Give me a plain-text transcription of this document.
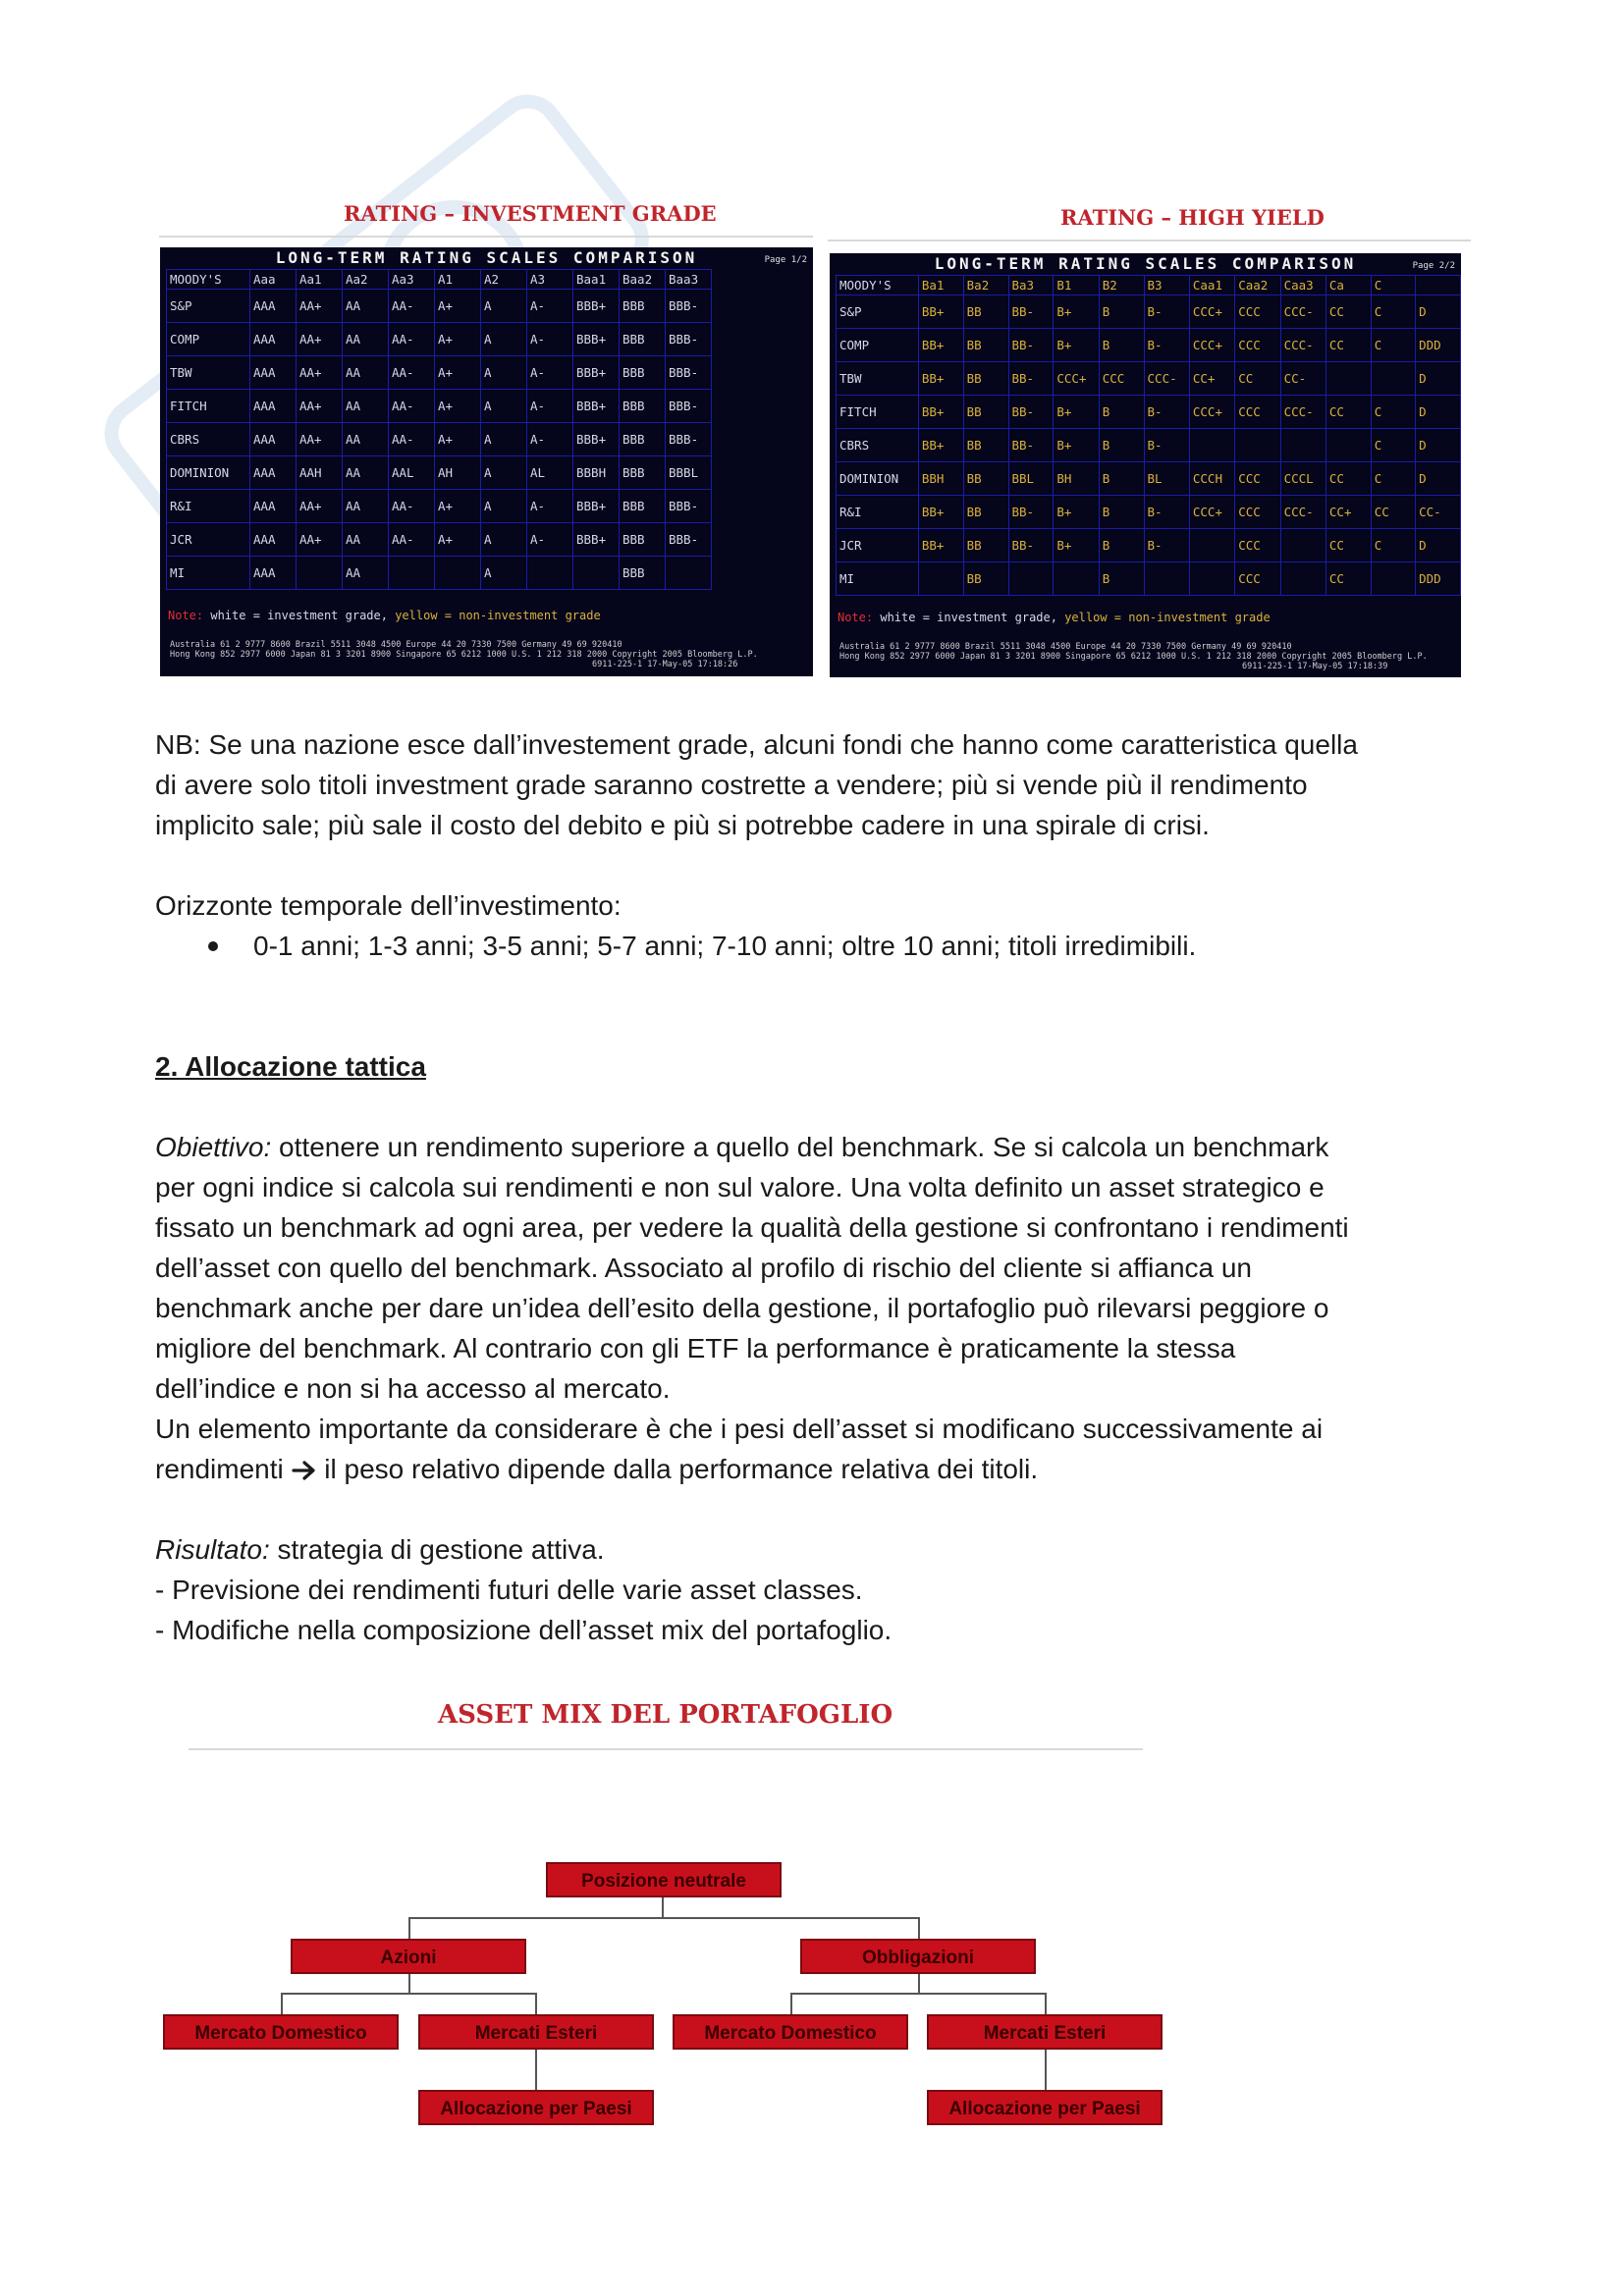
RATING – INVESTMENT GRADE
LONG-TERM RATING SCALES COMPARISON	Page 1/2
MOODY'S	Aaa	Aa1	Aa2	Aa3	A1	A2	A3	Baa1	Baa2	Baa3
S&P	AAA	AA+	AA	AA-	A+	A	A-	BBB+	BBB	BBB-
COMP	AAA	AA+	AA	AA-	A+	A	A-	BBB+	BBB	BBB-
TBW	AAA	AA+	AA	AA-	A+	A	A-	BBB+	BBB	BBB-
FITCH	AAA	AA+	AA	AA-	A+	A	A-	BBB+	BBB	BBB-
CBRS	AAA	AA+	AA	AA-	A+	A	A-	BBB+	BBB	BBB-
DOMINION	AAA	AAH	AA	AAL	AH	A	AL	BBBH	BBB	BBBL
R&I	AAA	AA+	AA	AA-	A+	A	A-	BBB+	BBB	BBB-
JCR	AAA	AA+	AA	AA-	A+	A	A-	BBB+	BBB	BBB-
MI	AAA		AA			A			BBB	
Note: white = investment grade, yellow = non-investment grade
Australia 61 2 9777 8600 Brazil 5511 3048 4500 Europe 44 20 7330 7500 Germany 49 69 920410
Hong Kong 852 2977 6000 Japan 81 3 3201 8900 Singapore 65 6212 1000 U.S. 1 212 318 2000 Copyright 2005 Bloomberg L.P.
6911-225-1 17-May-05 17:18:26
RATING – HIGH YIELD
LONG-TERM RATING SCALES COMPARISON	Page 2/2
MOODY'S	Ba1	Ba2	Ba3	B1	B2	B3	Caa1	Caa2	Caa3	Ca	C	
S&P	BB+	BB	BB-	B+	B	B-	CCC+	CCC	CCC-	CC	C	D
COMP	BB+	BB	BB-	B+	B	B-	CCC+	CCC	CCC-	CC	C	DDD
TBW	BB+	BB	BB-	CCC+	CCC	CCC-	CC+	CC	CC-			D
FITCH	BB+	BB	BB-	B+	B	B-	CCC+	CCC	CCC-	CC	C	D
CBRS	BB+	BB	BB-	B+	B	B-					C	D
DOMINION	BBH	BB	BBL	BH	B	BL	CCCH	CCC	CCCL	CC	C	D
R&I	BB+	BB	BB-	B+	B	B-	CCC+	CCC	CCC-	CC+	CC	CC-
JCR	BB+	BB	BB-	B+	B	B-		CCC		CC	C	D
MI		BB			B			CCC		CC		DDD
Note: white = investment grade, yellow = non-investment grade
Australia 61 2 9777 8600 Brazil 5511 3048 4500 Europe 44 20 7330 7500 Germany 49 69 920410
Hong Kong 852 2977 6000 Japan 81 3 3201 8900 Singapore 65 6212 1000 U.S. 1 212 318 2000 Copyright 2005 Bloomberg L.P.
6911-225-1 17-May-05 17:18:39
NB: Se una nazione esce dall’investement grade, alcuni fondi che hanno come caratteristica quella
di avere solo titoli investment grade saranno costrette a vendere; più si vende più il rendimento
implicito sale; più sale il costo del debito e più si potrebbe cadere in una spirale di crisi.
Orizzonte temporale dell’investimento:
0-1 anni; 1-3 anni; 3-5 anni; 5-7 anni; 7-10 anni; oltre 10 anni; titoli irredimibili.
2. Allocazione tattica
Obiettivo: ottenere un rendimento superiore a quello del benchmark. Se si calcola un benchmark
per ogni indice si calcola sui rendimenti e non sul valore. Una volta definito un asset strategico e
fissato un benchmark ad ogni area, per vedere la qualità della gestione si confrontano i rendimenti
dell’asset con quello del benchmark. Associato al profilo di rischio del cliente si affianca un
benchmark anche per dare un’idea dell’esito della gestione, il portafoglio può rilevarsi peggiore o
migliore del benchmark. Al contrario con gli ETF la performance è praticamente la stessa
dell’indice e non si ha accesso al mercato.
Un elemento importante da considerare è che i pesi dell’asset si modificano successivamente ai
rendimenti  il peso relativo dipende dalla performance relativa dei titoli.
Risultato: strategia di gestione attiva.
- Previsione dei rendimenti futuri delle varie asset classes.
- Modifiche nella composizione dell’asset mix del portafoglio.
ASSET MIX DEL PORTAFOGLIO
Posizione neutrale
Azioni	Obbligazioni
Mercato Domestico	Mercati Esteri	Mercato Domestico	Mercati Esteri
Allocazione per Paesi	Allocazione per Paesi
